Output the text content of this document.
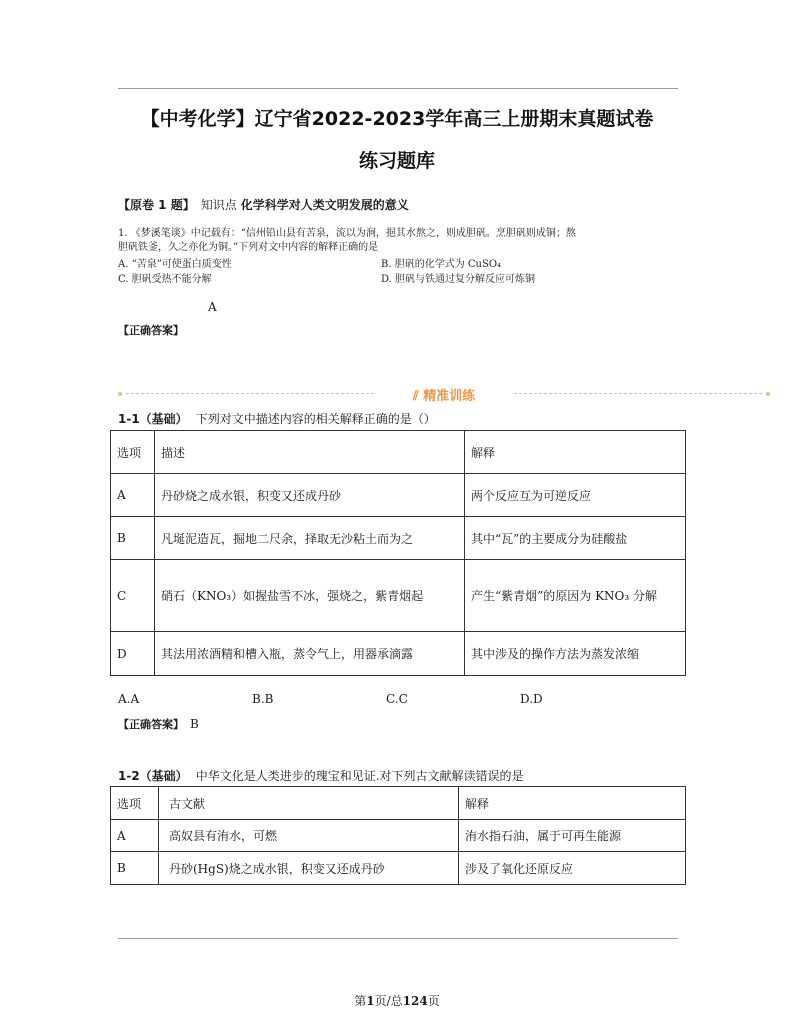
【中考化学】辽宁省2022-2023学年高三上册期末真题试卷
练习题库
【原卷 1 题】 知识点 化学科学对人类文明发展的意义
1. 《梦溪笔谈》中记载有：“信州铅山县有苦泉，流以为涧，挹其水熬之，则成胆矾。烹胆矾则成铜；熬
胆矾铁釜，久之亦化为铜。”下列对文中内容的解释正确的是
A. “苦泉”可使蛋白质变性	B. 胆矾的化学式为 CuSO₄
C. 胆矾受热不能分解	D. 胆矾与铁通过复分解反应可炼铜
A
【正确答案】
⫽ 精准训练
1-1（基础） 下列对文中描述内容的相关解释正确的是（）
选项	描述	解释
A	丹砂烧之成水银，积变又还成丹砂	两个反应互为可逆反应
B	凡埏泥造瓦，掘地二尺余，择取无沙粘土而为之	其中“瓦”的主要成分为硅酸盐
C	硝石（KNO₃）如握盐雪不冰，强烧之，紫青烟起	产生“紫青烟”的原因为 KNO₃ 分解
D	其法用浓酒精和槽入瓶，蒸令气上，用器承滴露	其中涉及的操作方法为蒸发浓缩
A.A	B.B	C.C	D.D
【正确答案】 B
1-2（基础） 中华文化是人类进步的瑰宝和见证.对下列古文献解读错误的是
选项	古文献	解释
A	高奴县有洧水，可燃	洧水指石油，属于可再生能源
B	丹砂(HgS)烧之成水银，积变又还成丹砂	涉及了氧化还原反应
第1页/总124页
